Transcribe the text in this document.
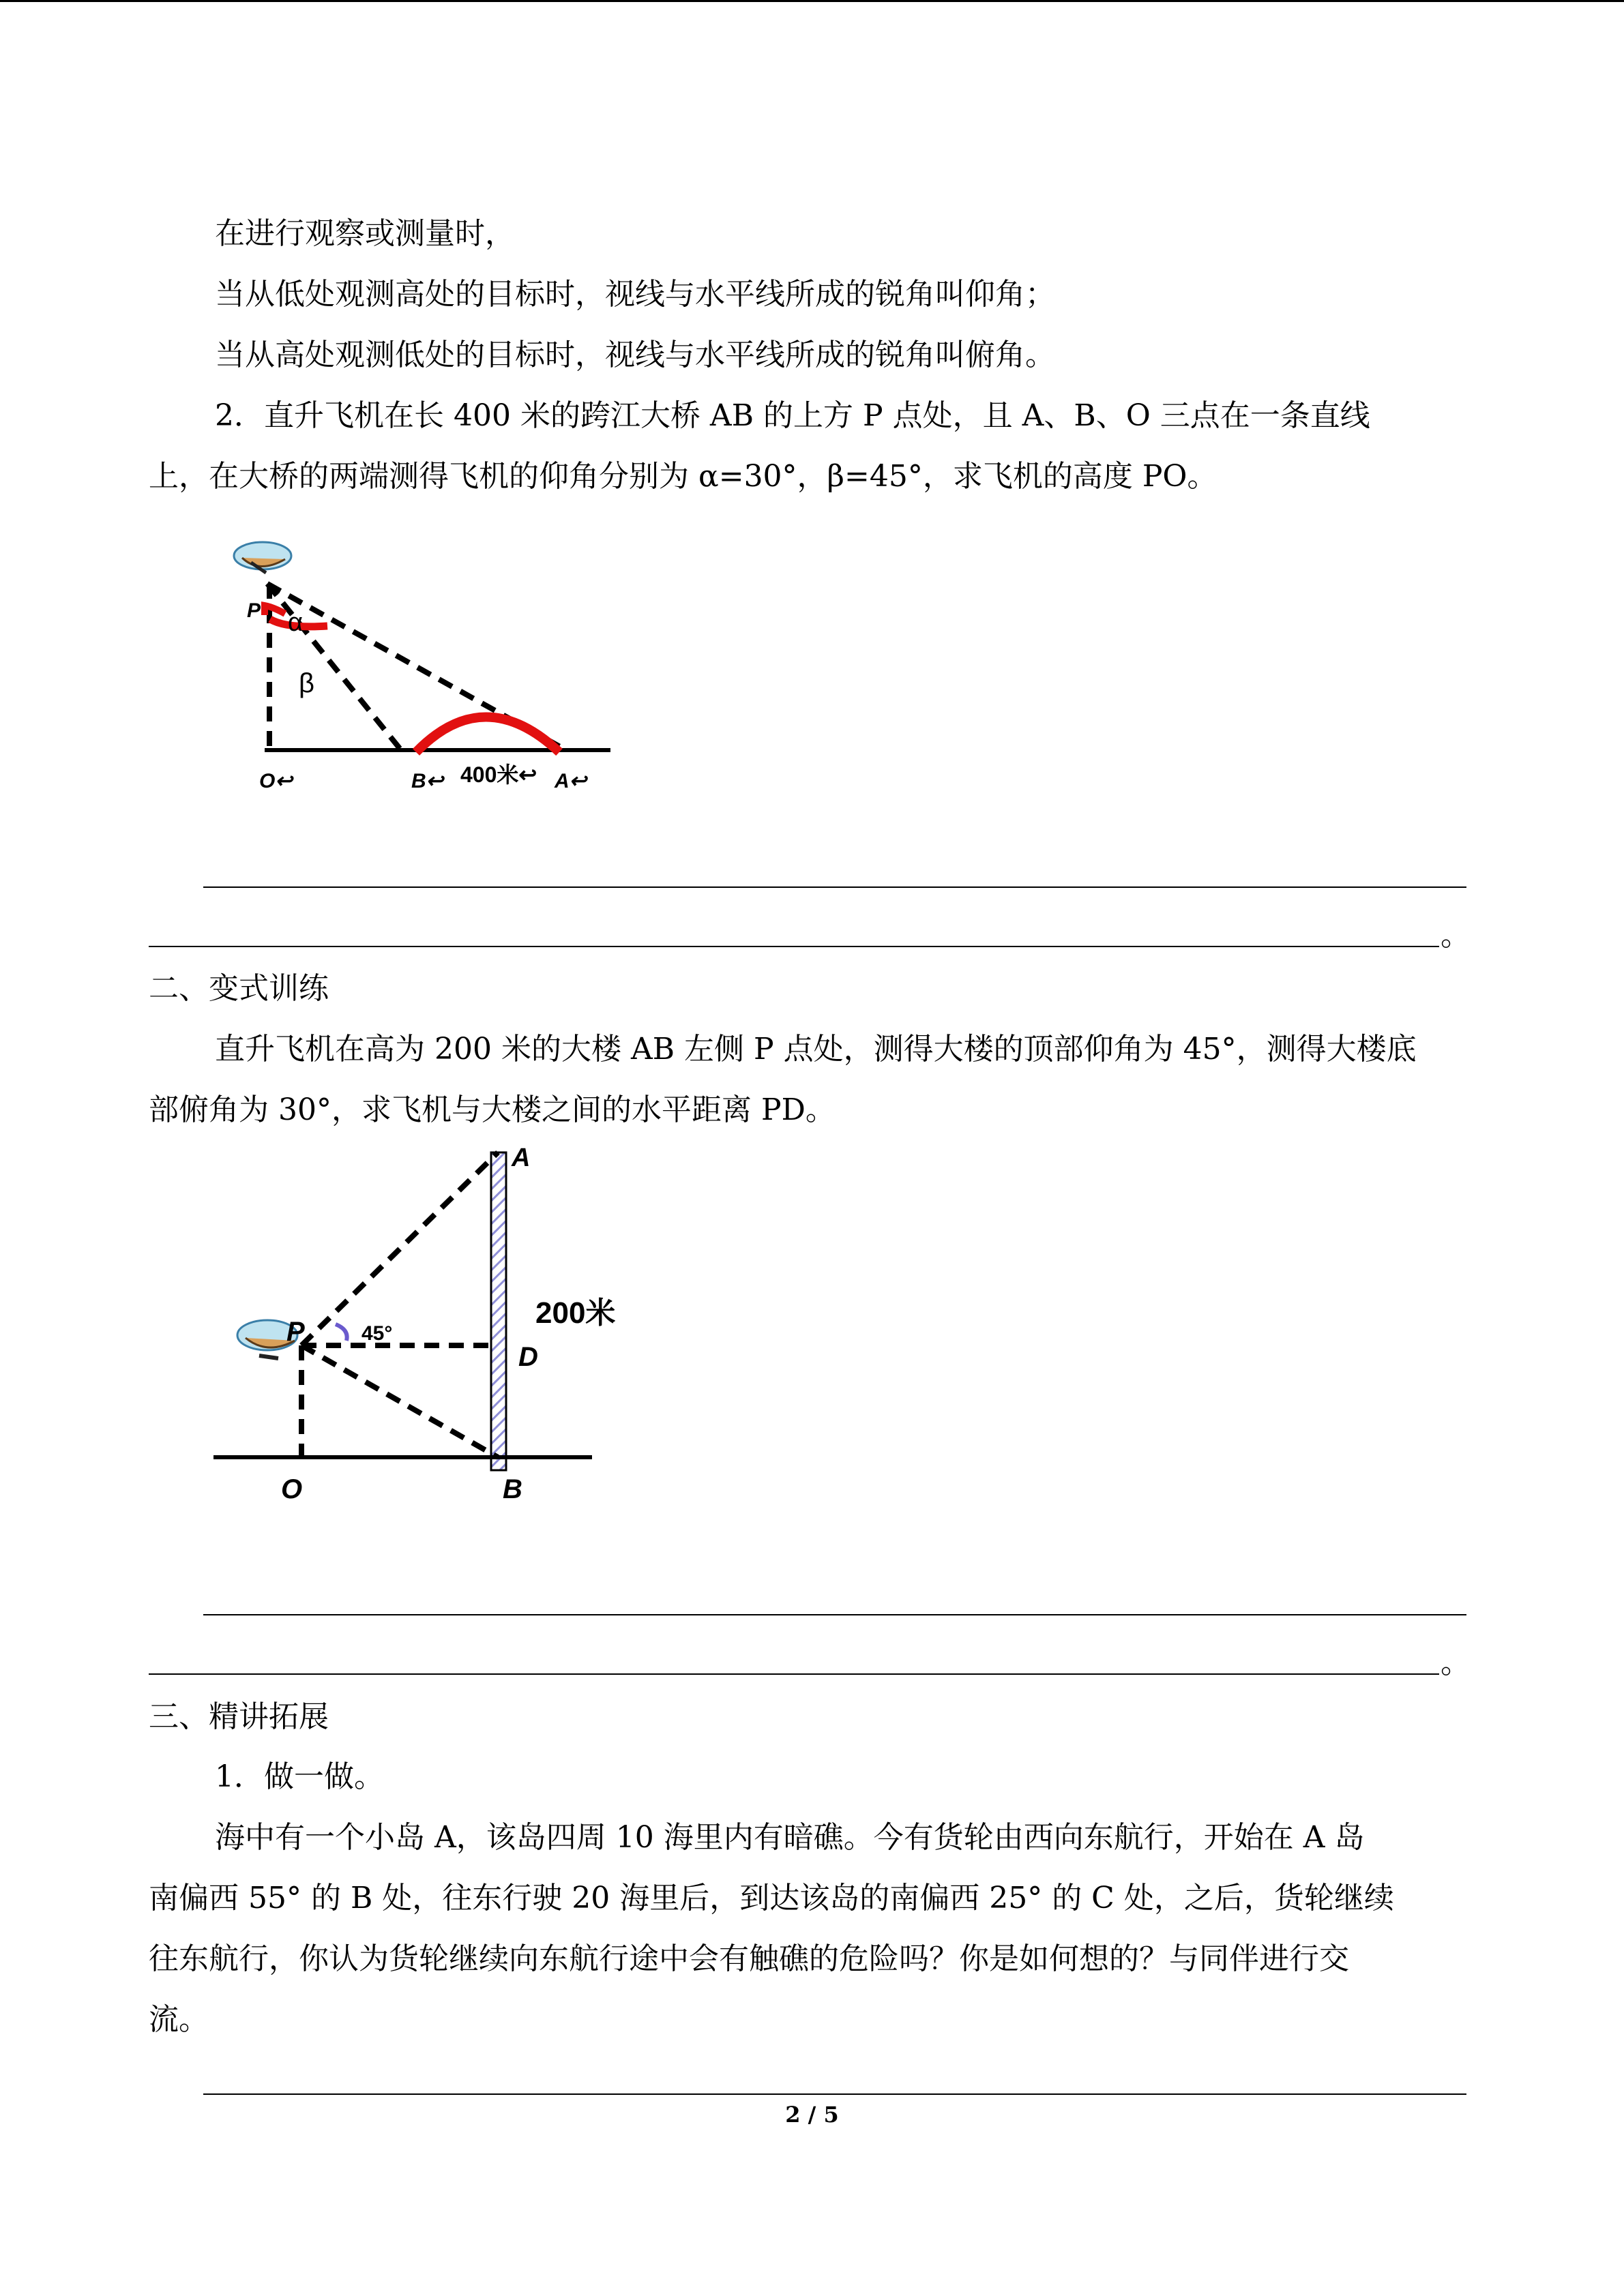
在进行观察或测量时，
当从低处观测高处的目标时，视线与水平线所成的锐角叫仰角；
当从高处观测低处的目标时，视线与水平线所成的锐角叫俯角。
2．直升飞机在长 400 米的跨江大桥 AB 的上方 P 点处，且 A、B、O 三点在一条直线
上，在大桥的两端测得飞机的仰角分别为 α=30°，β=45°，求飞机的高度 PO。
P α
β
O↩	B↩ 400米↩ A↩
。
二、变式训练
直升飞机在高为 200 米的大楼 AB 左侧 P 点处，测得大楼的顶部仰角为 45°，测得大楼底
部俯角为 30°，求飞机与大楼之间的水平距离 PD。
P	45°
A
200米
D
O	B
。
三、精讲拓展
1．做一做。
海中有一个小岛 A，该岛四周 10 海里内有暗礁。今有货轮由西向东航行，开始在 A 岛
南偏西 55° 的 B 处，往东行驶 20 海里后，到达该岛的南偏西 25° 的 C 处，之后，货轮继续
往东航行，你认为货轮继续向东航行途中会有触礁的危险吗？你是如何想的？与同伴进行交
流。
2 / 5
